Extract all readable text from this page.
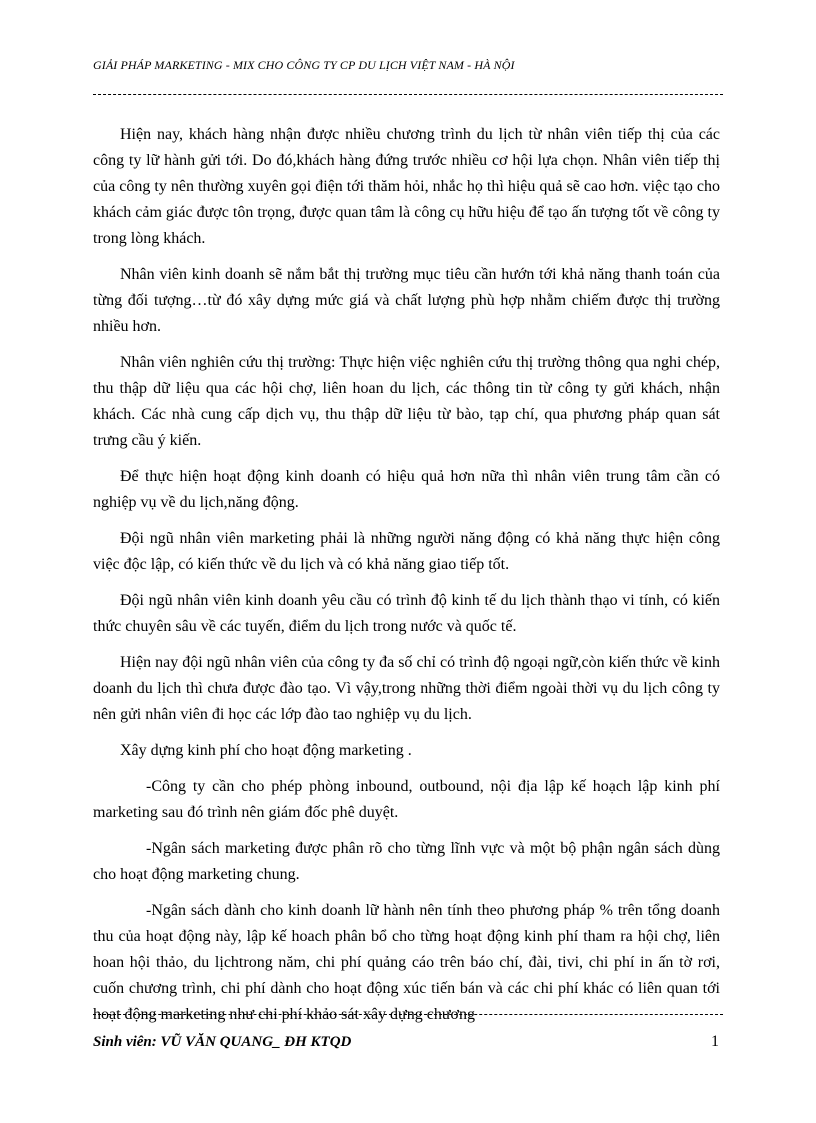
GIẢI PHÁP MARKETING - MIX CHO CÔNG TY CP DU LỊCH VIỆT NAM - HÀ NỘI

Hiện nay, khách hàng nhận được nhiều chương trình du lịch từ nhân viên tiếp thị của các công ty lữ hành gửi tới. Do đó,khách hàng đứng trước nhiều cơ hội lựa chọn. Nhân viên tiếp thị của công ty nên thường xuyên gọi điện tới thăm hỏi, nhắc họ thì hiệu quả sẽ cao hơn. việc tạo cho khách cảm giác được tôn trọng, được quan tâm là công cụ hữu hiệu để tạo ấn tượng tốt về công ty trong lòng khách.

Nhân viên kinh doanh sẽ nắm bắt thị trường mục tiêu cần hướn tới khả năng thanh toán của từng đối tượng…từ đó xây dựng mức giá và chất lượng phù hợp nhằm chiếm được thị trường nhiều hơn.

Nhân viên nghiên cứu thị trường: Thực hiện việc nghiên cứu thị trường thông qua nghi chép, thu thập dữ liệu qua các hội chợ, liên hoan du lịch, các thông tin từ công ty gửi khách, nhận khách. Các nhà cung cấp dịch vụ, thu thập dữ liệu từ bào, tạp chí, qua phương pháp quan sát trưng cầu ý kiến.

Để thực hiện hoạt động kinh doanh có hiệu quả hơn nữa thì nhân viên trung tâm cần có nghiệp vụ về du lịch,năng động.

Đội ngũ nhân viên marketing phải là những người năng động có khả năng thực hiện công việc độc lập, có kiến thức về du lịch và có khả năng giao tiếp tốt.

Đội ngũ nhân viên kinh doanh yêu cầu có trình độ kinh tế du lịch thành thạo vi tính, có kiến thức chuyên sâu về các tuyến, điểm du lịch trong nước và quốc tế.

Hiện nay đội ngũ nhân viên của công ty đa số chỉ có trình độ ngoại ngữ,còn kiến thức về kinh doanh du lịch thì chưa được đào tạo. Vì vậy,trong những thời điểm ngoài thời vụ du lịch công ty nên gửi nhân viên đi học các lớp đào tao nghiệp vụ du lịch.

Xây dựng kinh phí cho hoạt động marketing .

-Công ty cần cho phép phòng inbound, outbound, nội địa lập kế hoạch lập kinh phí marketing sau đó trình nên giám đốc phê duyệt.

-Ngân sách marketing được phân rõ cho từng lĩnh vực và một bộ phận ngân sách dùng cho hoạt động marketing chung.

-Ngân sách dành cho kinh doanh lữ hành nên tính theo phương pháp % trên tổng doanh thu của hoạt động này, lập kế hoach phân bổ cho từng hoạt động kinh phí tham ra hội chợ, liên hoan hội thảo, du lịchtrong năm, chi phí quảng cáo trên báo chí, đài, tivi, chi phí in ấn tờ rơi, cuốn chương trình, chi phí dành cho hoạt động xúc tiến bán và các chi phí khác có liên quan tới hoạt động marketing như chi phí khảo sát xây dựng chương

Sinh viên: VŨ VĂN QUANG_ ĐH KTQD	1
